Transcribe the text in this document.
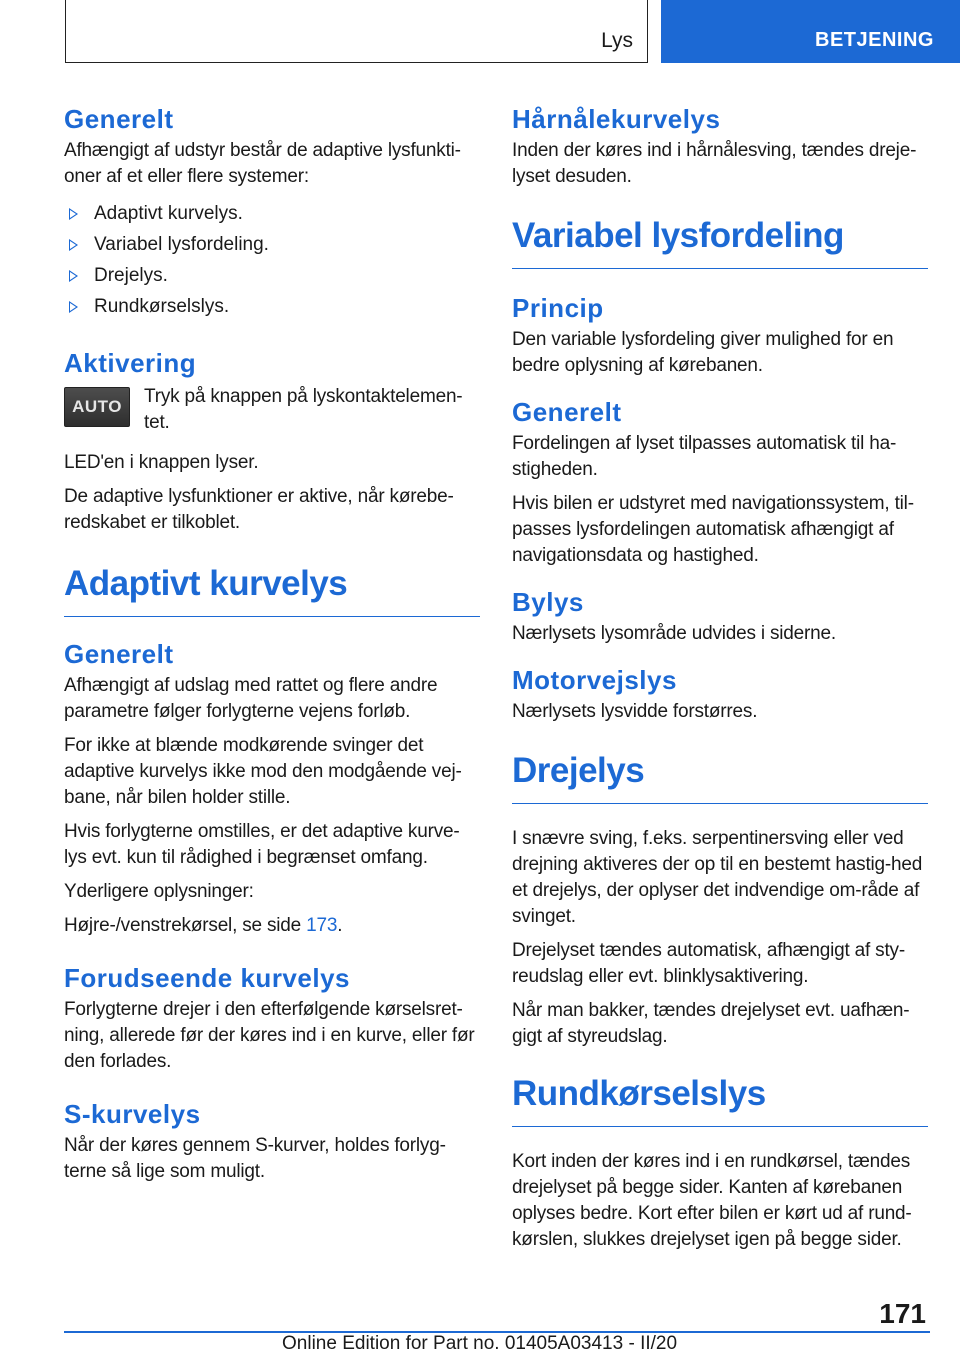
Lys	BETJENING
Generelt

Afhængigt af udstyr består de adaptive lysfunkti-oner af et eller flere systemer:

Adaptivt kurvelys.
Variabel lysfordeling.
Drejelys.
Rundkørselslys.
Aktivering
AUTO	Tryk på knappen på lyskontaktelemen-tet.

LED'en i knappen lyser.

De adaptive lysfunktioner er aktive, når kørebe-redskabet er tilkoblet.

Adaptivt kurvelys
Generelt

Afhængigt af udslag med rattet og flere andre parametre følger forlygterne vejens forløb.

For ikke at blænde modkørende svinger det adaptive kurvelys ikke mod den modgående vej-bane, når bilen holder stille.

Hvis forlygterne omstilles, er det adaptive kurve-lys evt. kun til rådighed i begrænset omfang.

Yderligere oplysninger:

Højre-/venstrekørsel, se side 173.

Forudseende kurvelys

Forlygterne drejer i den efterfølgende kørselsret-ning, allerede før der køres ind i en kurve, eller før den forlades.

S-kurvelys

Når der køres gennem S-kurver, holdes forlyg-terne så lige som muligt.

Hårnålekurvelys

Inden der køres ind i hårnålesving, tændes dreje-lyset desuden.

Variabel lysfordeling
Princip

Den variable lysfordeling giver mulighed for en bedre oplysning af kørebanen.

Generelt

Fordelingen af lyset tilpasses automatisk til ha-stigheden.

Hvis bilen er udstyret med navigationssystem, til-passes lysfordelingen automatisk afhængigt af navigationsdata og hastighed.

Bylys

Nærlysets lysområde udvides i siderne.

Motorvejslys

Nærlysets lysvidde forstørres.

Drejelys

I snævre sving, f.eks. serpentinersving eller ved drejning aktiveres der op til en bestemt hastig-hed et drejelys, der oplyser det indvendige om-råde af svinget.

Drejelyset tændes automatisk, afhængigt af sty-reudslag eller evt. blinklysaktivering.

Når man bakker, tændes drejelyset evt. uafhæn-gigt af styreudslag.

Rundkørselslys

Kort inden der køres ind i en rundkørsel, tændes drejelyset på begge sider. Kanten af kørebanen oplyses bedre. Kort efter bilen er kørt ud af rund-kørslen, slukkes drejelyset igen på begge sider.

171
Online Edition for Part no. 01405A03413 - II/20
